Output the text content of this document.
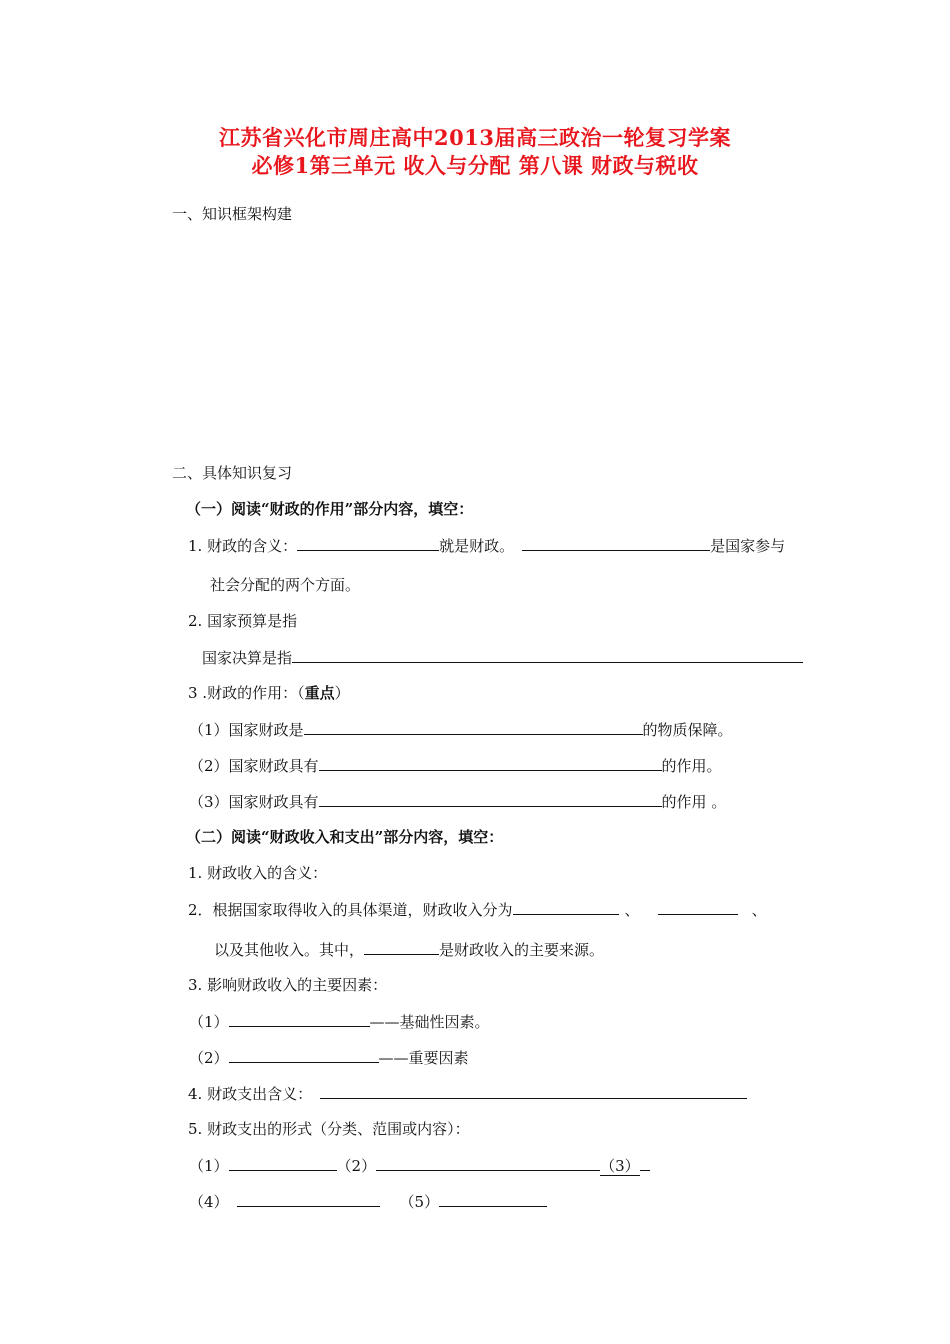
江苏省兴化市周庄高中2013届高三政治一轮复习学案
必修1第三单元 收入与分配 第八课 财政与税收
一、知识框架构建
二、具体知识复习
（一）阅读“财政的作用”部分内容，填空：
1. 财政的含义：	就是财政。	是国家参与
社会分配的两个方面。
2. 国家预算是指
国家决算是指
3 .财政的作用：（重点）
（1）国家财政是	的物质保障。
（2）国家财政具有	的作用。
（3）国家财政具有	的作用 。
（二）阅读“财政收入和支出”部分内容，填空：
1. 财政收入的含义：
2．根据国家取得收入的具体渠道，财政收入分为	、	、
以及其他收入。其中，	是财政收入的主要来源。
3. 影响财政收入的主要因素：
（1）	——基础性因素。
（2）	——重要因素
4. 财政支出含义：
5. 财政支出的形式（分类、范围或内容）：
（1）	（2）	（3）
（4）	（5）
